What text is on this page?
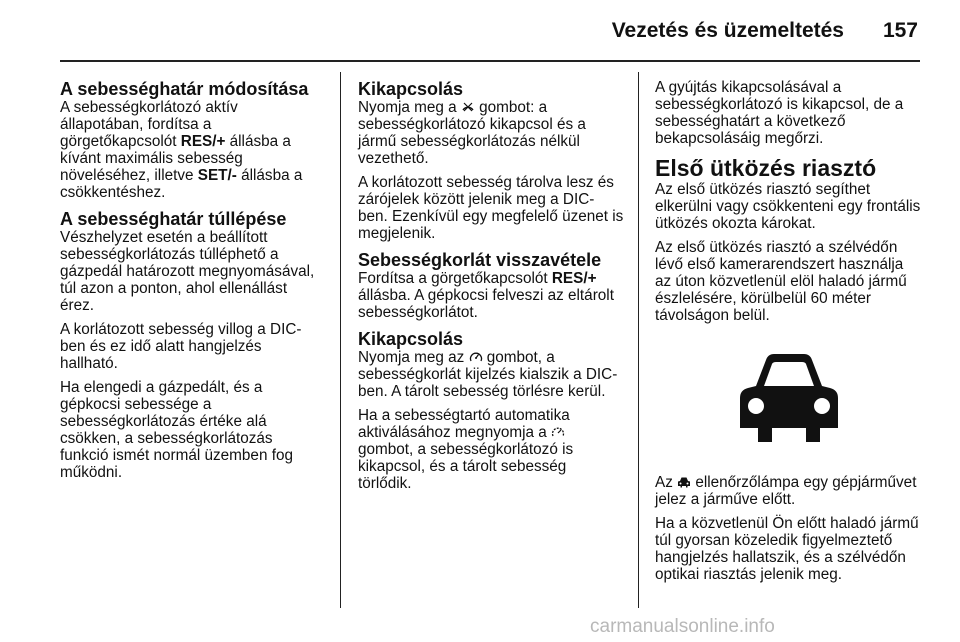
Vezetés és üzemeltetés 157
A sebességhatár módosítása

A sebességkorlátozó aktív állapotában, fordítsa a görgetőkapcsolót RES/+ állásba a kívánt maximális sebesség növeléséhez, illetve SET/- állásba a csökkentéshez.

A sebességhatár túllépése

Vészhelyzet esetén a beállított sebességkorlátozás túlléphető a gázpedál határozott megnyomásával, túl azon a ponton, ahol ellenállást érez.

A korlátozott sebesség villog a DIC-ben és ez idő alatt hangjelzés hallható.

Ha elengedi a gázpedált, és a gépkocsi sebessége a sebességkorlátozás értéke alá csökken, a sebességkorlátozás funkció ismét normál üzemben fog működni.

Kikapcsolás

Nyomja meg a  gombot: a sebességkorlátozó kikapcsol és a jármű sebességkorlátozás nélkül vezethető.

A korlátozott sebesség tárolva lesz és zárójelek között jelenik meg a DIC-ben. Ezenkívül egy megfelelő üzenet is megjelenik.

Sebességkorlát visszavétele

Fordítsa a görgetőkapcsolót RES/+ állásba. A gépkocsi felveszi az eltárolt sebességkorlátot.

Kikapcsolás

Nyomja meg az  gombot, a sebességkorlát kijelzés kialszik a DIC-ben. A tárolt sebesség törlésre kerül.

Ha a sebességtartó automatika aktiválásához megnyomja a  gombot, a sebességkorlátozó is kikapcsol, és a tárolt sebesség törlődik.

A gyújtás kikapcsolásával a sebességkorlátozó is kikapcsol, de a sebességhatárt a következő bekapcsolásáig megőrzi.

Első ütközés riasztó

Az első ütközés riasztó segíthet elkerülni vagy csökkenteni egy frontális ütközés okozta károkat.

Az első ütközés riasztó a szélvédőn lévő első kamerarendszert használja az úton közvetlenül elöl haladó jármű észlelésére, körülbelül 60 méter távolságon belül.

Az  ellenőrzőlámpa egy gépjárművet jelez a járműve előtt.

Ha a közvetlenül Ön előtt haladó jármű túl gyorsan közeledik figyelmeztető hangjelzés hallatszik, és a szélvédőn optikai riasztás jelenik meg.

carmanualsonline.info
